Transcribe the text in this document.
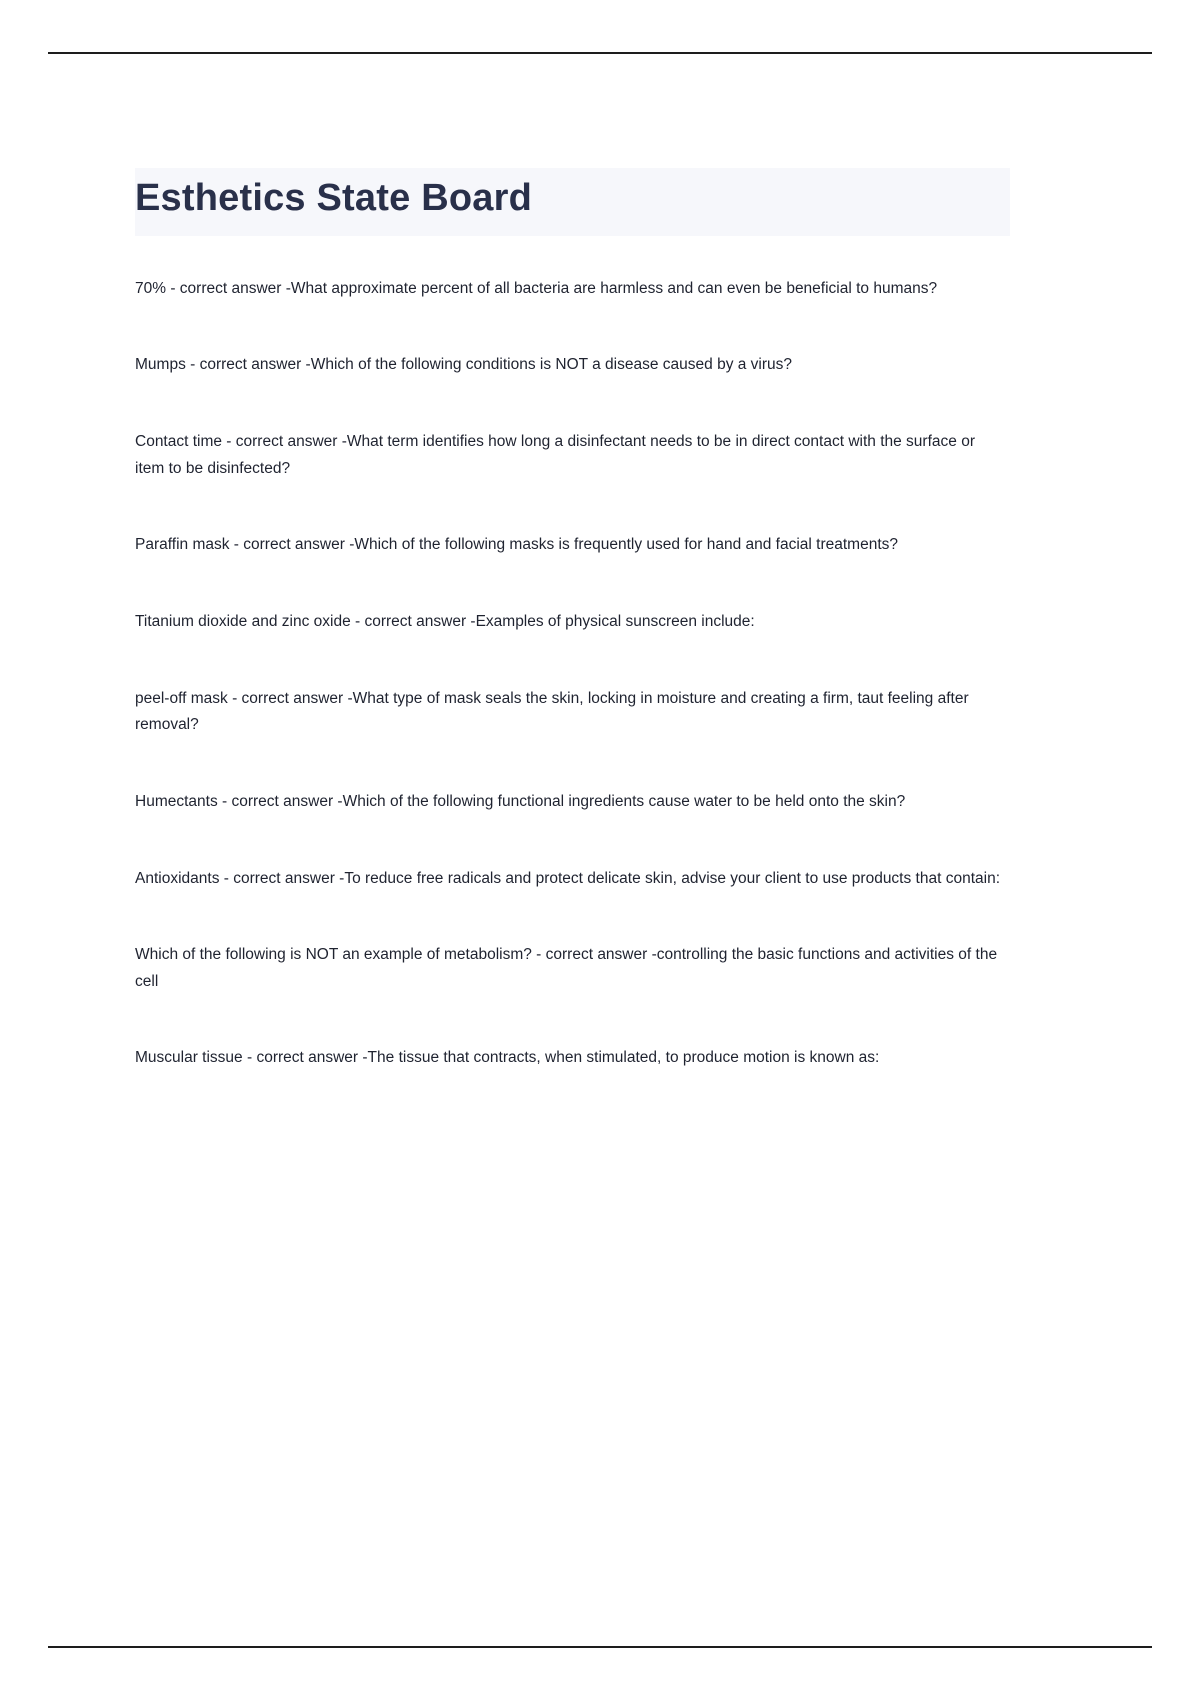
Esthetics State Board

70% - correct answer -What approximate percent of all bacteria are harmless and can even be beneficial to humans?

Mumps - correct answer -Which of the following conditions is NOT a disease caused by a virus?

Contact time - correct answer -What term identifies how long a disinfectant needs to be in direct contact with the surface or item to be disinfected?

Paraffin mask - correct answer -Which of the following masks is frequently used for hand and facial treatments?

Titanium dioxide and zinc oxide - correct answer -Examples of physical sunscreen include:

peel-off mask - correct answer -What type of mask seals the skin, locking in moisture and creating a firm, taut feeling after removal?

Humectants - correct answer -Which of the following functional ingredients cause water to be held onto the skin?

Antioxidants - correct answer -To reduce free radicals and protect delicate skin, advise your client to use products that contain:

Which of the following is NOT an example of metabolism? - correct answer -controlling the basic functions and activities of the cell

Muscular tissue - correct answer -The tissue that contracts, when stimulated, to produce motion is known as:
